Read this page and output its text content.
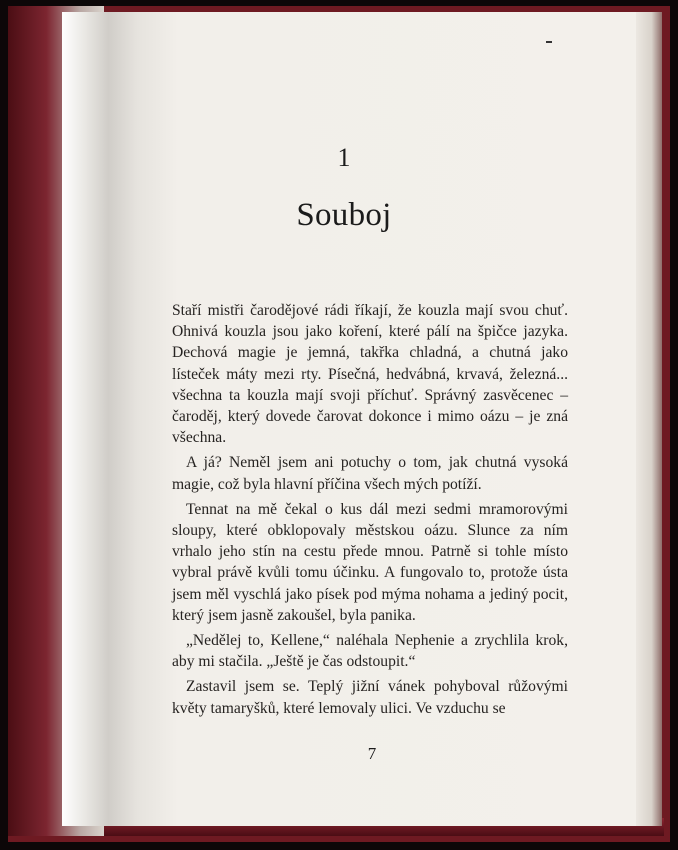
1
Souboj

Staří mistři čarodějové rádi říkají, že kouzla mají svou chuť. Ohnivá kouzla jsou jako koření, které pálí na špičce jazyka. Dechová magie je jemná, takřka chladná, a chutná jako lísteček máty mezi rty. Písečná, hedvábná, krvavá, železná... všechna ta kouzla mají svoji příchuť. Správný zasvěcenec – čaroděj, který dovede čarovat dokonce i mimo oázu – je zná všechna.

A já? Neměl jsem ani potuchy o tom, jak chutná vysoká magie, což byla hlavní příčina všech mých potíží.

Tennat na mě čekal o kus dál mezi sedmi mramorovými sloupy, které obklopovaly městskou oázu. Slunce za ním vrhalo jeho stín na cestu přede mnou. Patrně si tohle místo vybral právě kvůli tomu účinku. A fungovalo to, protože ústa jsem měl vyschlá jako písek pod mýma nohama a jediný pocit, který jsem jasně zakoušel, byla panika.

„Nedělej to, Kellene,“ naléhala Nephenie a zrychlila krok, aby mi stačila. „Ještě je čas odstoupit.“

Zastavil jsem se. Teplý jižní vánek pohyboval růžovými květy tamaryšků, které lemovaly ulici. Ve vzduchu se

7
